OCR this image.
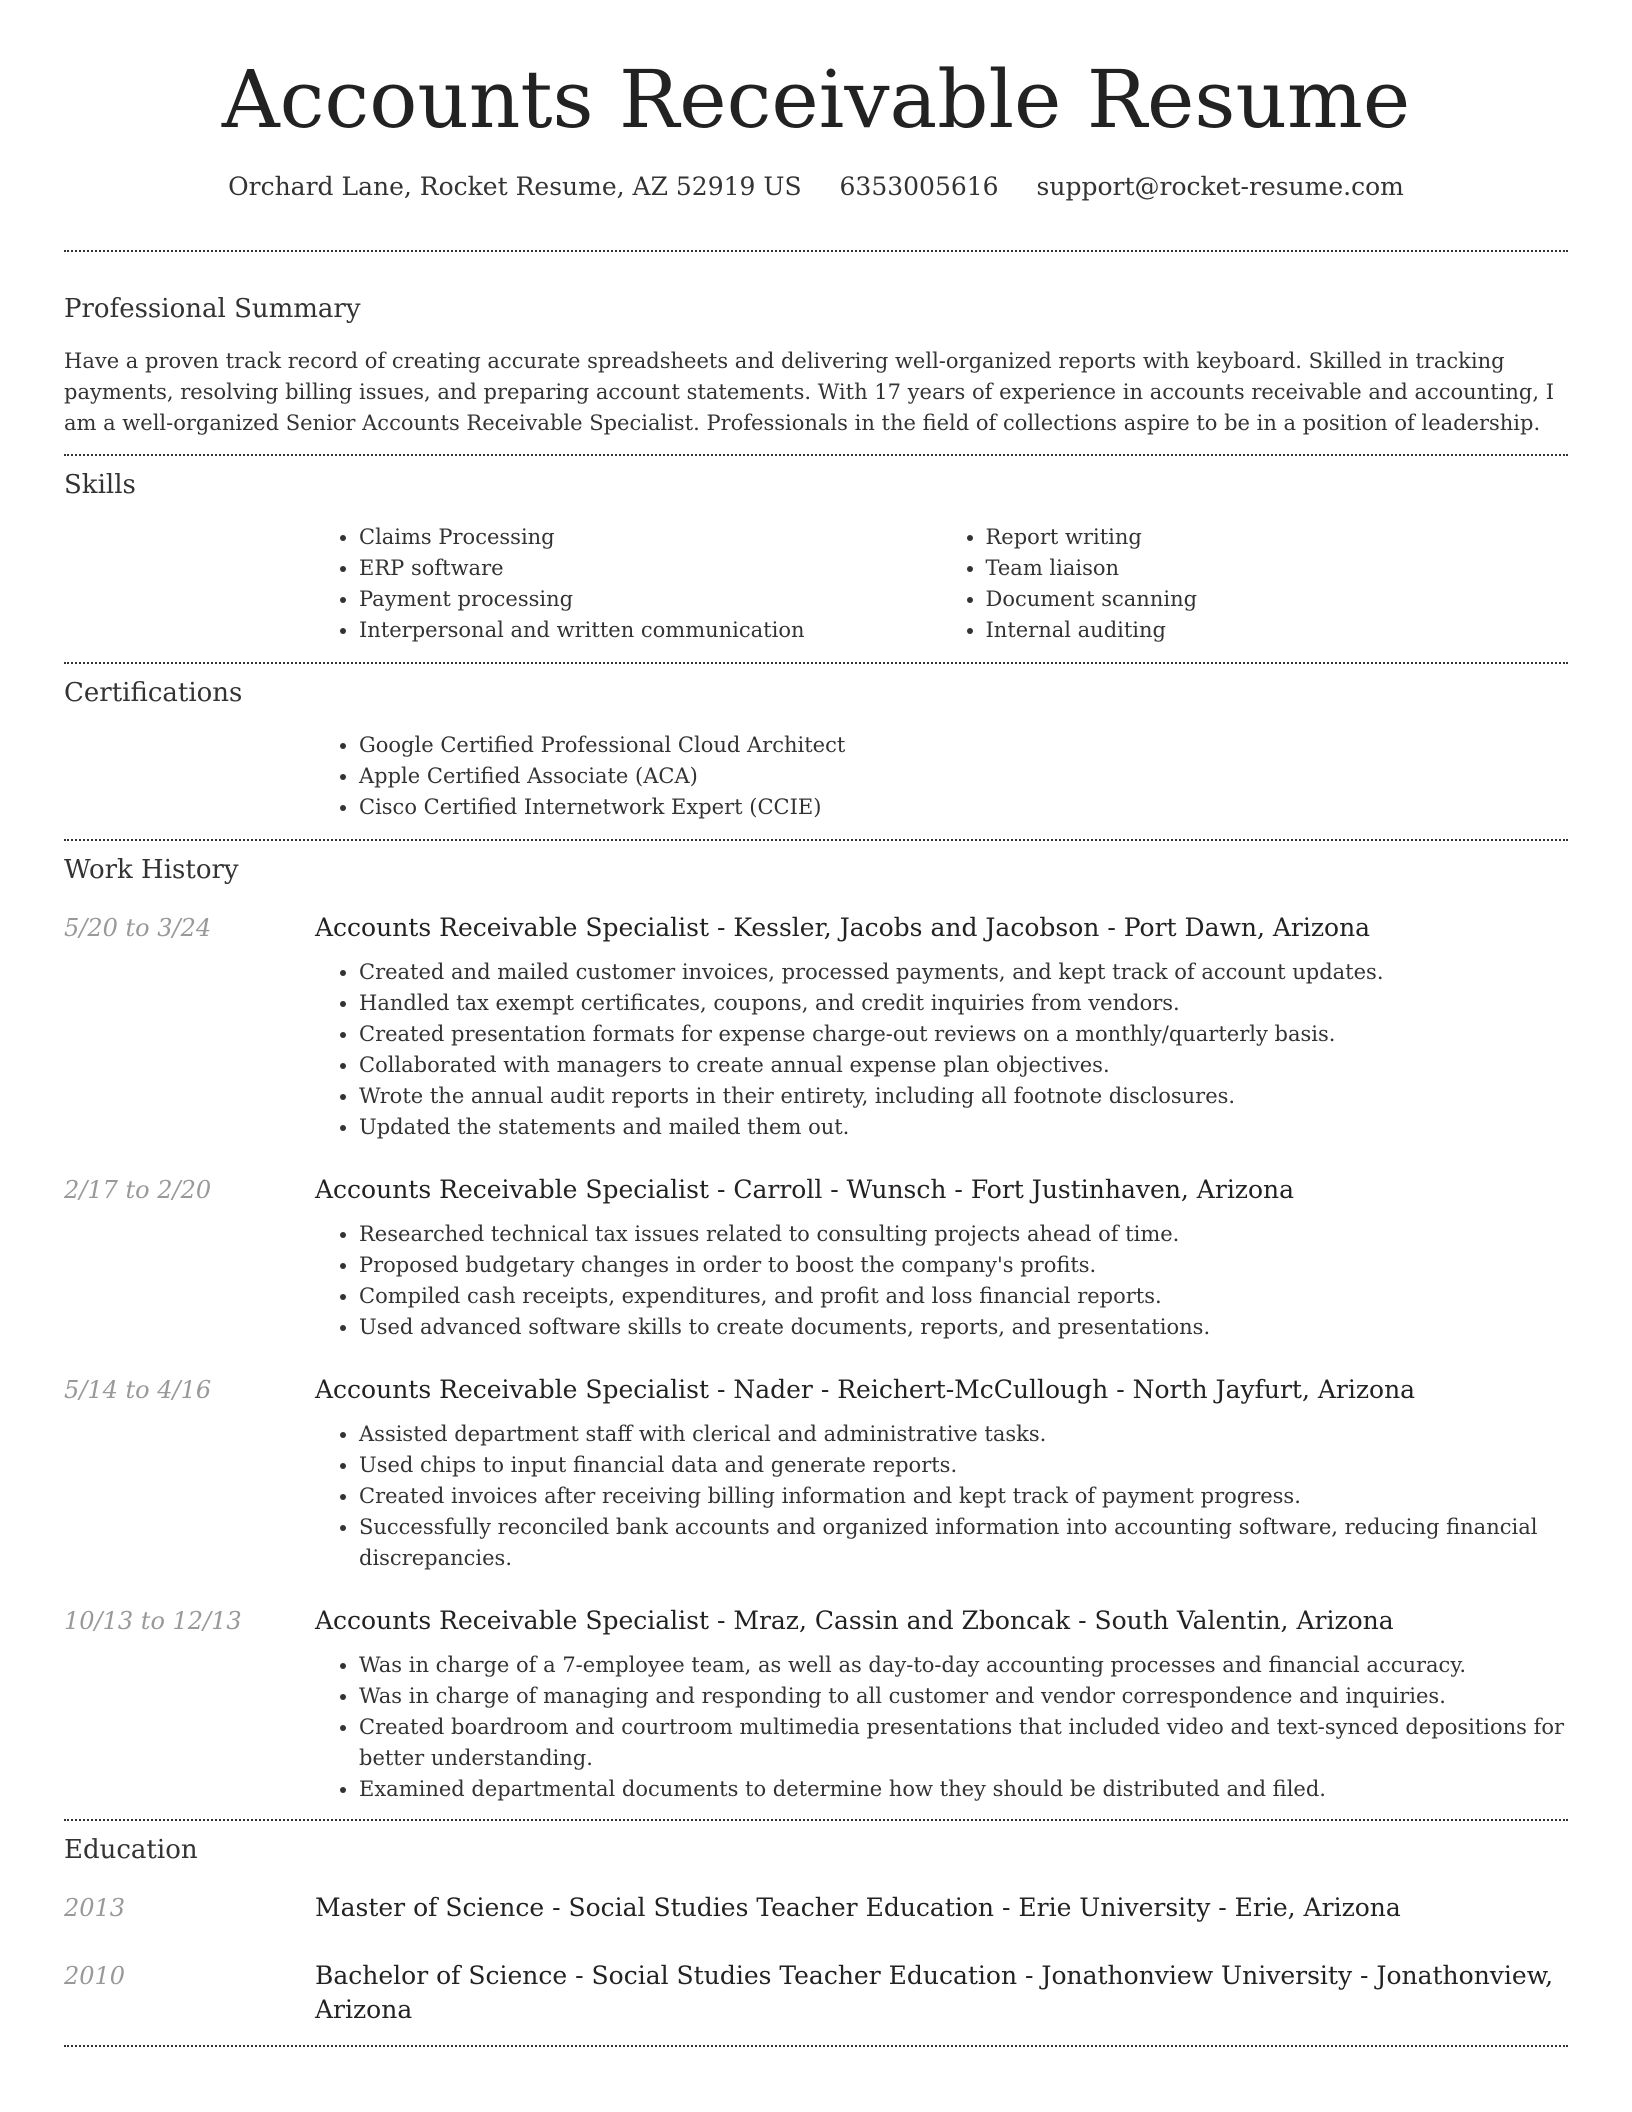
Accounts Receivable Resume
Orchard Lane, Rocket Resume, AZ 52919 US 6353005616 support@rocket-resume.com
Professional Summary

Have a proven track record of creating accurate spreadsheets and delivering well-organized reports with keyboard. Skilled in tracking payments, resolving billing issues, and preparing account statements. With 17 years of experience in accounts receivable and accounting, I am a well-organized Senior Accounts Receivable Specialist. Professionals in the field of collections aspire to be in a position of leadership.

Skills
• Claims Processing
• ERP software
• Payment processing
• Interpersonal and written communication
• Report writing
• Team liaison
• Document scanning
• Internal auditing
Certifications
• Google Certified Professional Cloud Architect
• Apple Certified Associate (ACA)
• Cisco Certified Internetwork Expert (CCIE)
Work History
5/20 to 3/24	Accounts Receivable Specialist - Kessler, Jacobs and Jacobson - Port Dawn, Arizona
• Created and mailed customer invoices, processed payments, and kept track of account updates.
• Handled tax exempt certificates, coupons, and credit inquiries from vendors.
• Created presentation formats for expense charge-out reviews on a monthly/quarterly basis.
• Collaborated with managers to create annual expense plan objectives.
• Wrote the annual audit reports in their entirety, including all footnote disclosures.
• Updated the statements and mailed them out.
2/17 to 2/20	Accounts Receivable Specialist - Carroll - Wunsch - Fort Justinhaven, Arizona
• Researched technical tax issues related to consulting projects ahead of time.
• Proposed budgetary changes in order to boost the company's profits.
• Compiled cash receipts, expenditures, and profit and loss financial reports.
• Used advanced software skills to create documents, reports, and presentations.
5/14 to 4/16	Accounts Receivable Specialist - Nader - Reichert-McCullough - North Jayfurt, Arizona
• Assisted department staff with clerical and administrative tasks.
• Used chips to input financial data and generate reports.
• Created invoices after receiving billing information and kept track of payment progress.
• Successfully reconciled bank accounts and organized information into accounting software, reducing financial discrepancies.
10/13 to 12/13	Accounts Receivable Specialist - Mraz, Cassin and Zboncak - South Valentin, Arizona
• Was in charge of a 7-employee team, as well as day-to-day accounting processes and financial accuracy.
• Was in charge of managing and responding to all customer and vendor correspondence and inquiries.
• Created boardroom and courtroom multimedia presentations that included video and text-synced depositions for better understanding.
• Examined departmental documents to determine how they should be distributed and filed.
Education
2013	Master of Science - Social Studies Teacher Education - Erie University - Erie, Arizona
2010	Bachelor of Science - Social Studies Teacher Education - Jonathonview University - Jonathonview, Arizona
